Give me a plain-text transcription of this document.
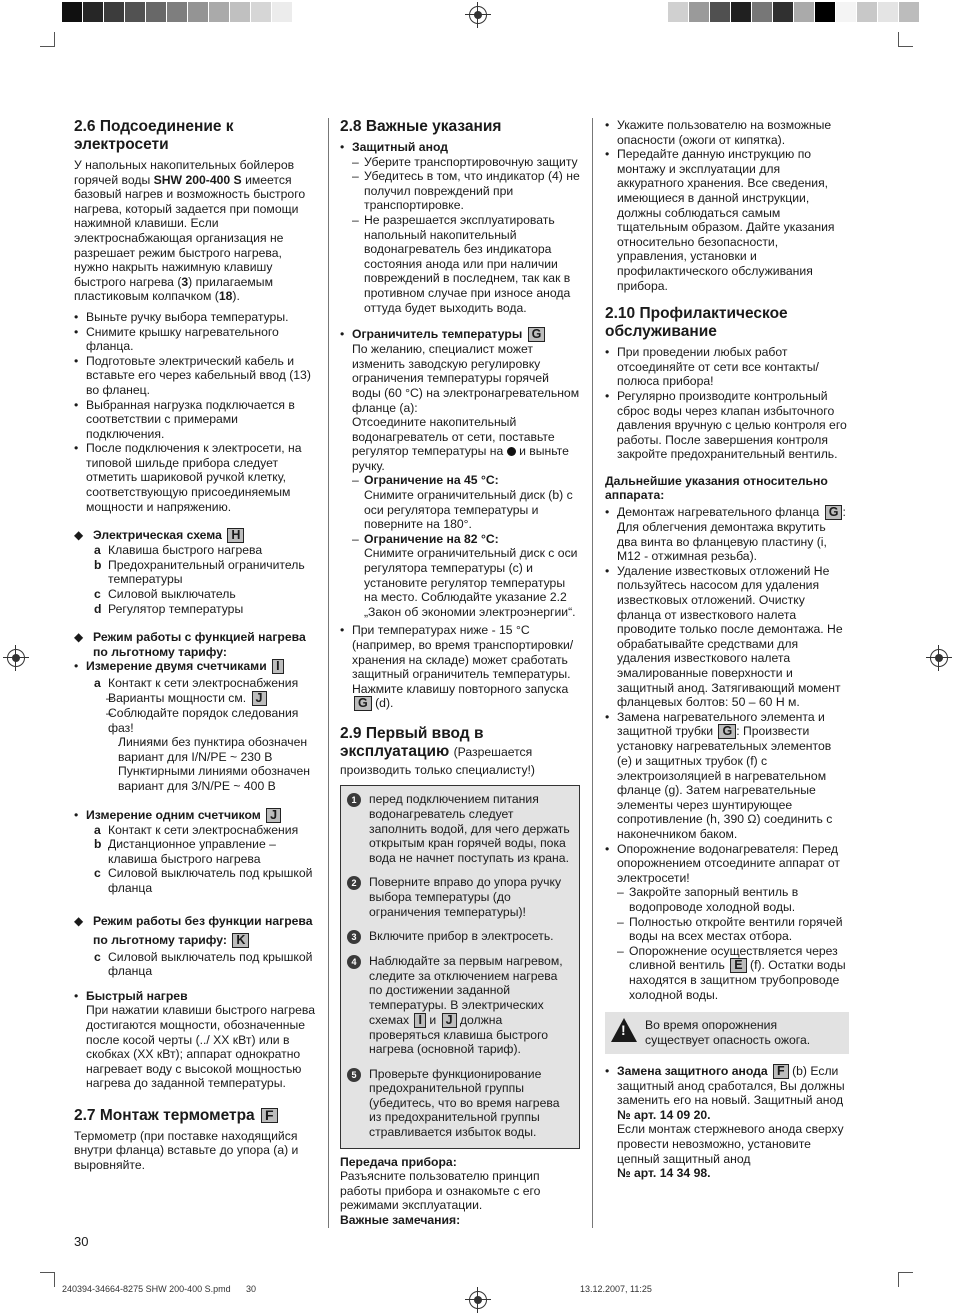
2.6 Подсоединение к электросети

У напольных накопительных бойлеров горячей воды SHW 200-400 S имеется базовый нагрев и возможность быстрого нагрева, который задается при помощи нажимной клавиши. Если электроснабжающая организация не разрешает режим быстрого нагрева, нужно накрыть нажимную клавишу быстрого нагрева (3) прилагаемым пластиковым колпачком (18).

• Выньте ручку выбора температуры.
• Снимите крышку нагревательного фланца.
• Подготовьте электрический кабель и вставьте его через кабельный ввод (13) во фланец.
• Выбранная нагрузка подключается в соответствии с примерами подключения.
• После подключения к электросети, на типовой шильде прибора следует отметить шариковой ручкой клетку, соответствующую присоединяемым мощности и напряжению.
◆ Электрическая схема H
a Клавиша быстрого нагрева
b Предохранительный ограничитель температуры
c Силовой выключатель
d Регулятор температуры
◆ Режим работы с функцией нагрева по льготному тарифу:
• Измерение двумя счетчиками I
a Контакт к сети электроснабжения
– Варианты мощности см. J
– Соблюдайте порядок следования фаз!
- Линиями без пунктира обозначен вариант для I/N/PE ~ 230 В
- Пунктирными линиями обозначен вариант для 3/N/PE ~ 400 В
• Измерение одним счетчиком J
a Контакт к сети электроснабжения
b Дистанционное управление – клавиша быстрого нагрева
c Силовой выключатель под крышкой фланца
◆ Режим работы без функции нагрева по льготному тарифу: K
c Силовой выключатель под крышкой фланца
• Быстрый нагрев
При нажатии клавиши быстрого нагрева достигаются мощности, обозначенные после косой черты (../ XX кВт) или в скобках (XX кВт); аппарат однократно нагревает воду с высокой мощностью нагрева до заданной температуры.
2.7 Монтаж термометра F

Термометр (при поставке находящийся внутри фланца) вставьте до упора (а) и выровняйте.

2.8 Важные указания
• Защитный анод
– Уберите транспортировочную защиту
– Убедитесь в том, что индикатор (4) не получил повреждений при транспортировке.
– Не разрешается эксплуатировать напольный накопительный водонагреватель без индикатора состояния анода или при наличии повреждений в последнем, так как в противном случае при износе анода оттуда будет выходить вода.
• Ограничитель температуры G
По желанию, специалист может изменить заводскую регулировку ограничения температуры горячей воды (60 °C) на электронагревательном фланце (а):
Отсоедините накопительный водонагреватель от сети, поставьте регулятор температуры на и выньте ручку.
– Ограничение на 45 °C:
Снимите ограничительный диск (b) с оси регулятора температуры и поверните на 180°.
– Ограничение на 82 °C:
Снимите ограничительный диск с оси регулятора температуры (с) и установите регулятор температуры на место. Соблюдайте указание 2.2 „Закон об экономии электроэнергии“.
• При температурах ниже - 15 °C (например, во время транспортировки/хранения на складе) может сработать защитный ограничитель температуры. Нажмите клавишу повторного запуска G (d).
2.9 Первый ввод в эксплуатацию (Разрешается производить только специалисту!)
1	перед подключением питания водонагреватель следует заполнить водой, для чего держать открытым кран горячей воды, пока вода не начнет поступать из крана.
2	Поверните вправо до упора ручку выбора температуры (до ограничения температуры)!
3	Включите прибор в электросеть.
4	Наблюдайте за первым нагревом, следите за отключением нагрева по достижении заданной температуры. В электрических схемах I и J должна проверяться клавиша быстрого нагрева (основной тариф).
5	Проверьте функционирование предохранительной группы (убедитесь, что во время нагрева из предохранительной группы стравливается избыток воды.

Передача прибора:
Разъясните пользователю принцип работы прибора и ознакомьте с его режимами эксплуатации.
Важные замечания:

• Укажите пользователю на возможные опасности (ожоги от кипятка).
• Передайте данную инструкцию по монтажу и эксплуатации для аккуратного хранения. Все сведения, имеющиеся в данной инструкции, должны соблюдаться самым тщательным образом. Дайте указания относительно безопасности, управления, установки и профилактического обслуживания прибора.
2.10 Профилактическое обслуживание
• При проведении любых работ отсоединяйте от сети все контакты/полюса прибора!
• Регулярно производите контрольный сброс воды через клапан избыточного давления вручную с целью контроля его работы. После завершения контроля закройте предохранительный вентиль.

Дальнейшие указания относительно аппарата:

• Демонтаж нагревательного фланца G : Для облегчения демонтажа вкрутить два винта во фланцевую пластину (i, М12 - отжимная резьба).
• Удаление известковых отложений Не пользуйтесь насосом для удаления известковых отложений. Очистку фланца от известкового налета проводите только после демонтажа. Не обрабатывайте средствами для удаления известкового налета эмалированные поверхности и защитный анод. Затягивающий момент фланцевых болтов: 50 – 60 Н м.
• Замена нагревательного элемента и защитной трубки G : Произвести установку нагревательных элементов (е) и защитных трубок (f) с электроизоляцией в нагревательном фланце (g). Затем нагревательные элементы через шунтирующее сопротивление (h, 390 Ω) соединить с наконечником баком.
• Опорожнение водонагревателя: Перед опорожнением отсоедините аппарат от электросети!
– Закройте запорный вентиль в водопроводе холодной воды.
– Полностью откройте вентили горячей воды на всех местах отбора.
– Опорожнение осуществляется через сливной вентиль E (f). Остатки воды находятся в защитном трубопроводе холодной воды.
! Во время опорожнения существует опасность ожога.
• Замена защитного анода F (b) Если защитный анод сработался, Вы должны заменить его на новый. Защитный анод
№ арт. 14 09 20.
Если монтаж стержневого анода сверху провести невозможно, установите цепный защитный анод
№ арт. 14 34 98.
30
240394-34664-8275 SHW 200-400 S.pmd 30	13.12.2007, 11:25
